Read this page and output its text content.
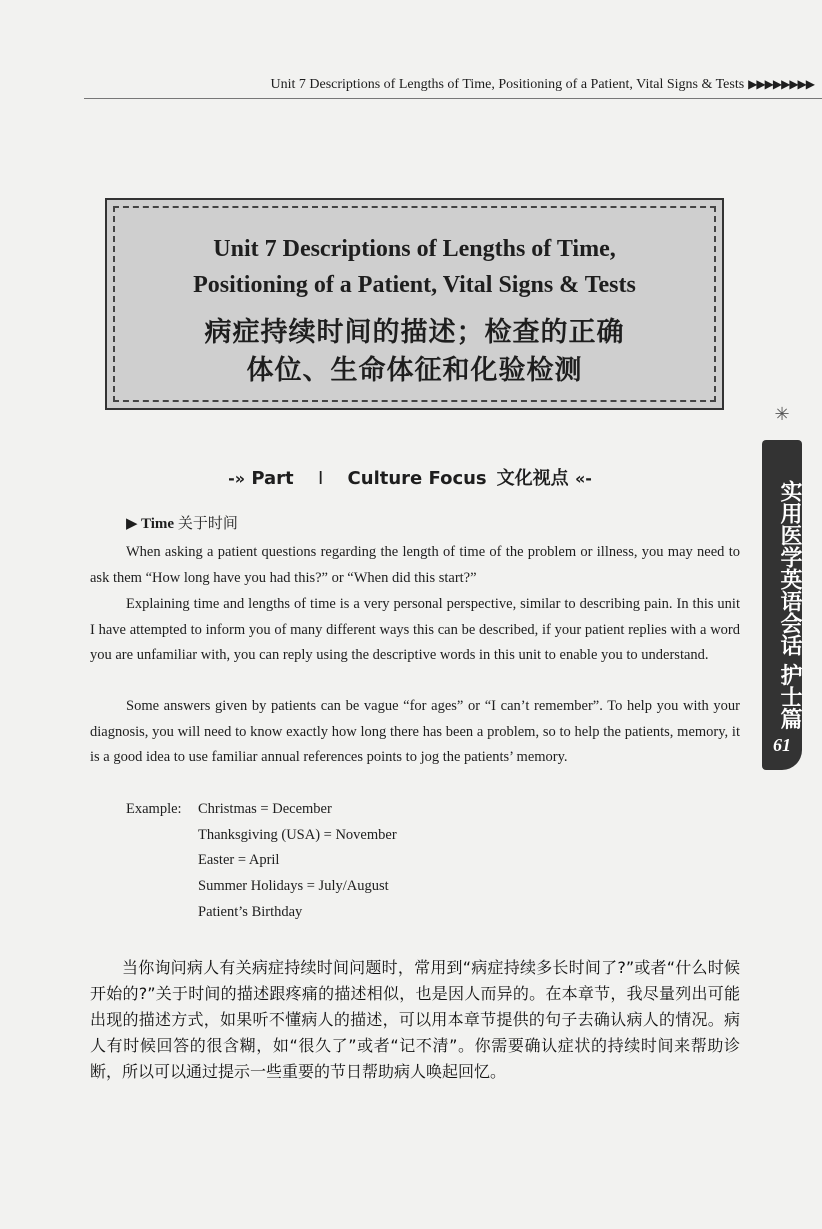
Unit 7 Descriptions of Lengths of Time, Positioning of a Patient, Vital Signs & Tests ▶▶▶▶▶▶▶▶
Unit 7 Descriptions of Lengths of Time,
Positioning of a Patient, Vital Signs & Tests
病症持续时间的描述；检查的正确
体位、生命体征和化验检测
✳
实用医学英语会话 护士篇
61
-» Part Ⅰ Culture Focus 文化视点 «-
▶ Time 关于时间

When asking a patient questions regarding the length of time of the problem or illness, you may need to ask them “How long have you had this?” or “When did this start?”

Explaining time and lengths of time is a very personal perspective, similar to describing pain. In this unit I have attempted to inform you of many different ways this can be described, if your patient replies with a word you are unfamiliar with, you can reply using the descriptive words in this unit to enable you to understand.

Some answers given by patients can be vague “for ages” or “I can’t remember”. To help you with your diagnosis, you will need to know exactly how long there has been a problem, so to help the patients, memory, it is a good idea to use familiar annual references points to jog the patients’ memory.

Example: Christmas = December
Thanksgiving (USA) = November
Easter = April
Summer Holidays = July/August
Patient’s Birthday
当你询问病人有关病症持续时间问题时，常用到“病症持续多长时间了?”或者“什么时候开始的?”关于时间的描述跟疼痛的描述相似，也是因人而异的。在本章节，我尽量列出可能出现的描述方式，如果听不懂病人的描述，可以用本章节提供的句子去确认病人的情况。病人有时候回答的很含糊，如“很久了”或者“记不清”。你需要确认症状的持续时间来帮助诊断，所以可以通过提示一些重要的节日帮助病人唤起回忆。
